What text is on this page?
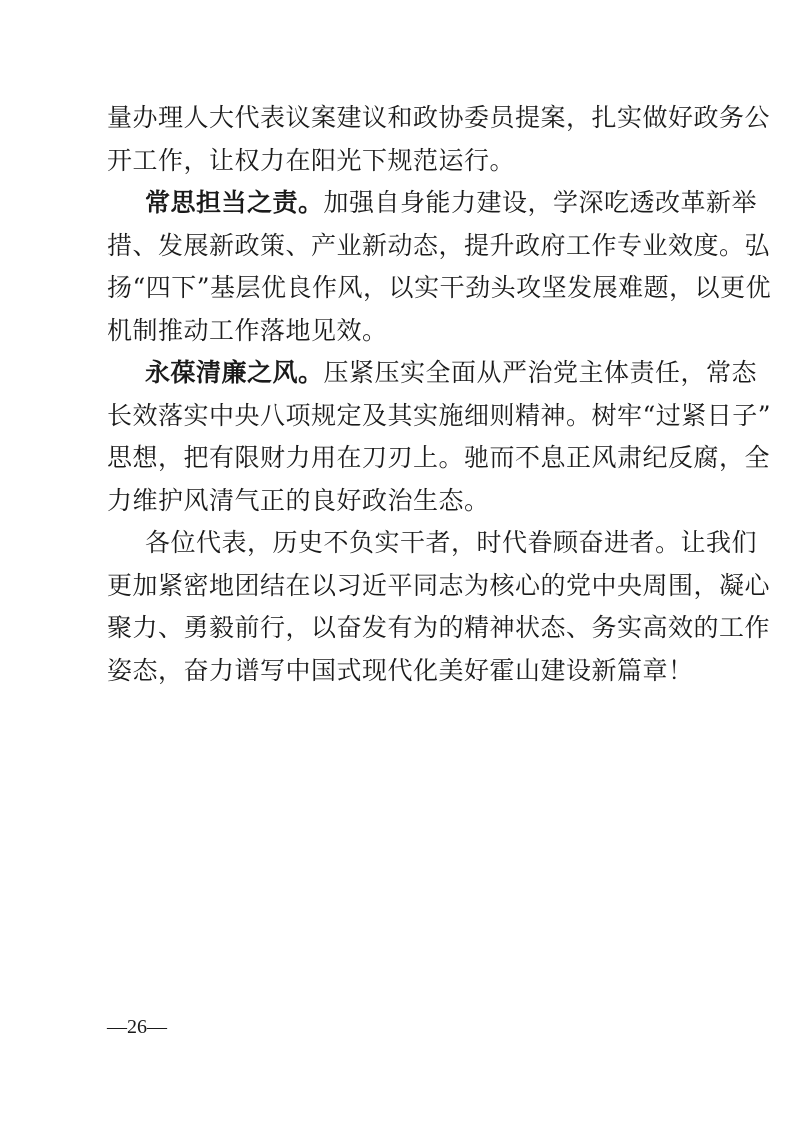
量办理人大代表议案建议和政协委员提案，扎实做好政务公
开工作，让权力在阳光下规范运行。
常思担当之责。加强自身能力建设，学深吃透改革新举
措、发展新政策、产业新动态，提升政府工作专业效度。弘
扬“四下”基层优良作风，以实干劲头攻坚发展难题，以更优
机制推动工作落地见效。
永葆清廉之风。压紧压实全面从严治党主体责任，常态
长效落实中央八项规定及其实施细则精神。树牢“过紧日子”
思想，把有限财力用在刀刃上。驰而不息正风肃纪反腐，全
力维护风清气正的良好政治生态。
各位代表，历史不负实干者，时代眷顾奋进者。让我们
更加紧密地团结在以习近平同志为核心的党中央周围，凝心
聚力、勇毅前行，以奋发有为的精神状态、务实高效的工作
姿态，奋力谱写中国式现代化美好霍山建设新篇章！
—26—
